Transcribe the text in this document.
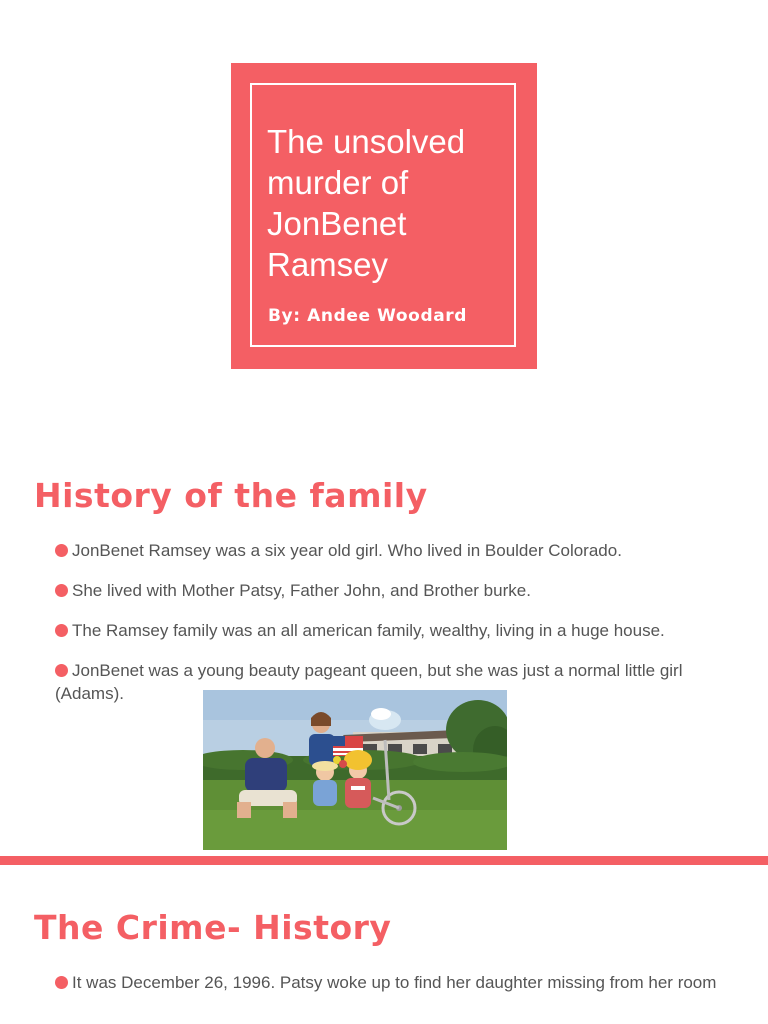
The unsolved murder of JonBenet Ramsey
By: Andee Woodard
History of the family
JonBenet Ramsey was a six year old girl. Who lived in Boulder Colorado.
She lived with Mother Patsy, Father John, and Brother burke.
The Ramsey family was an all american family, wealthy, living in a huge house.
JonBenet was a young beauty pageant queen, but she was just a normal little girl (Adams).
The Crime- History
It was December 26, 1996. Patsy woke up to find her daughter missing from her room
